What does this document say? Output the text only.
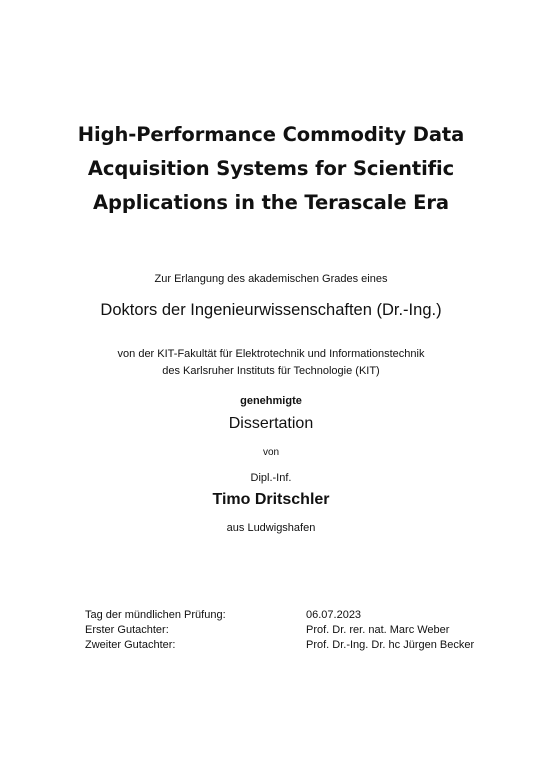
High-Performance Commodity Data
Acquisition Systems for Scientific
Applications in the Terascale Era
Zur Erlangung des akademischen Grades eines
Doktors der Ingenieurwissenschaften (Dr.-Ing.)
von der KIT-Fakultät für Elektrotechnik und Informationstechnik
des Karlsruher Instituts für Technologie (KIT)
genehmigte
Dissertation
von
Dipl.-Inf.
Timo Dritschler
aus Ludwigshafen
Tag der mündlichen Prüfung:	06.07.2023
Erster Gutachter:	Prof. Dr. rer. nat. Marc Weber
Zweiter Gutachter:	Prof. Dr.-Ing. Dr. hc Jürgen Becker
